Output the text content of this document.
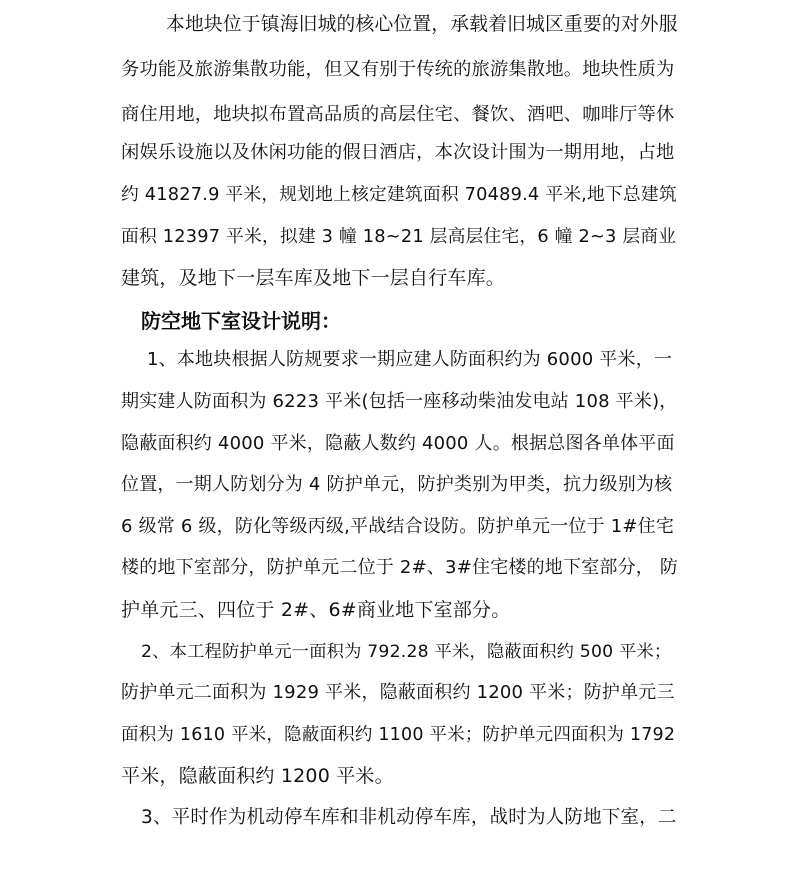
本地块位于镇海旧城的核心位置，承载着旧城区重要的对外服
务功能及旅游集散功能，但又有别于传统的旅游集散地。地块性质为
商住用地，地块拟布置高品质的高层住宅、餐饮、酒吧、咖啡厅等休
闲娱乐设施以及休闲功能的假日酒店，本次设计围为一期用地，占地
约 41827.9 平米，规划地上核定建筑面积 70489.4 平米,地下总建筑
面积 12397 平米，拟建 3 幢 18~21 层高层住宅，6 幢 2~3 层商业
建筑，及地下一层车库及地下一层自行车库。
防空地下室设计说明：
1、本地块根据人防规要求一期应建人防面积约为 6000 平米，一
期实建人防面积为 6223 平米(包括一座移动柴油发电站 108 平米)，
隐蔽面积约 4000 平米，隐蔽人数约 4000 人。根据总图各单体平面
位置，一期人防划分为 4 防护单元，防护类别为甲类，抗力级别为核
6 级常 6 级，防化等级丙级,平战结合设防。防护单元一位于 1#住宅
楼的地下室部分，防护单元二位于 2#、3#住宅楼的地下室部分， 防
护单元三、四位于 2#、6#商业地下室部分。
2、本工程防护单元一面积为 792.28 平米，隐蔽面积约 500 平米；
防护单元二面积为 1929 平米，隐蔽面积约 1200 平米；防护单元三
面积为 1610 平米，隐蔽面积约 1100 平米；防护单元四面积为 1792
平米，隐蔽面积约 1200 平米。
3、平时作为机动停车库和非机动停车库，战时为人防地下室，二
